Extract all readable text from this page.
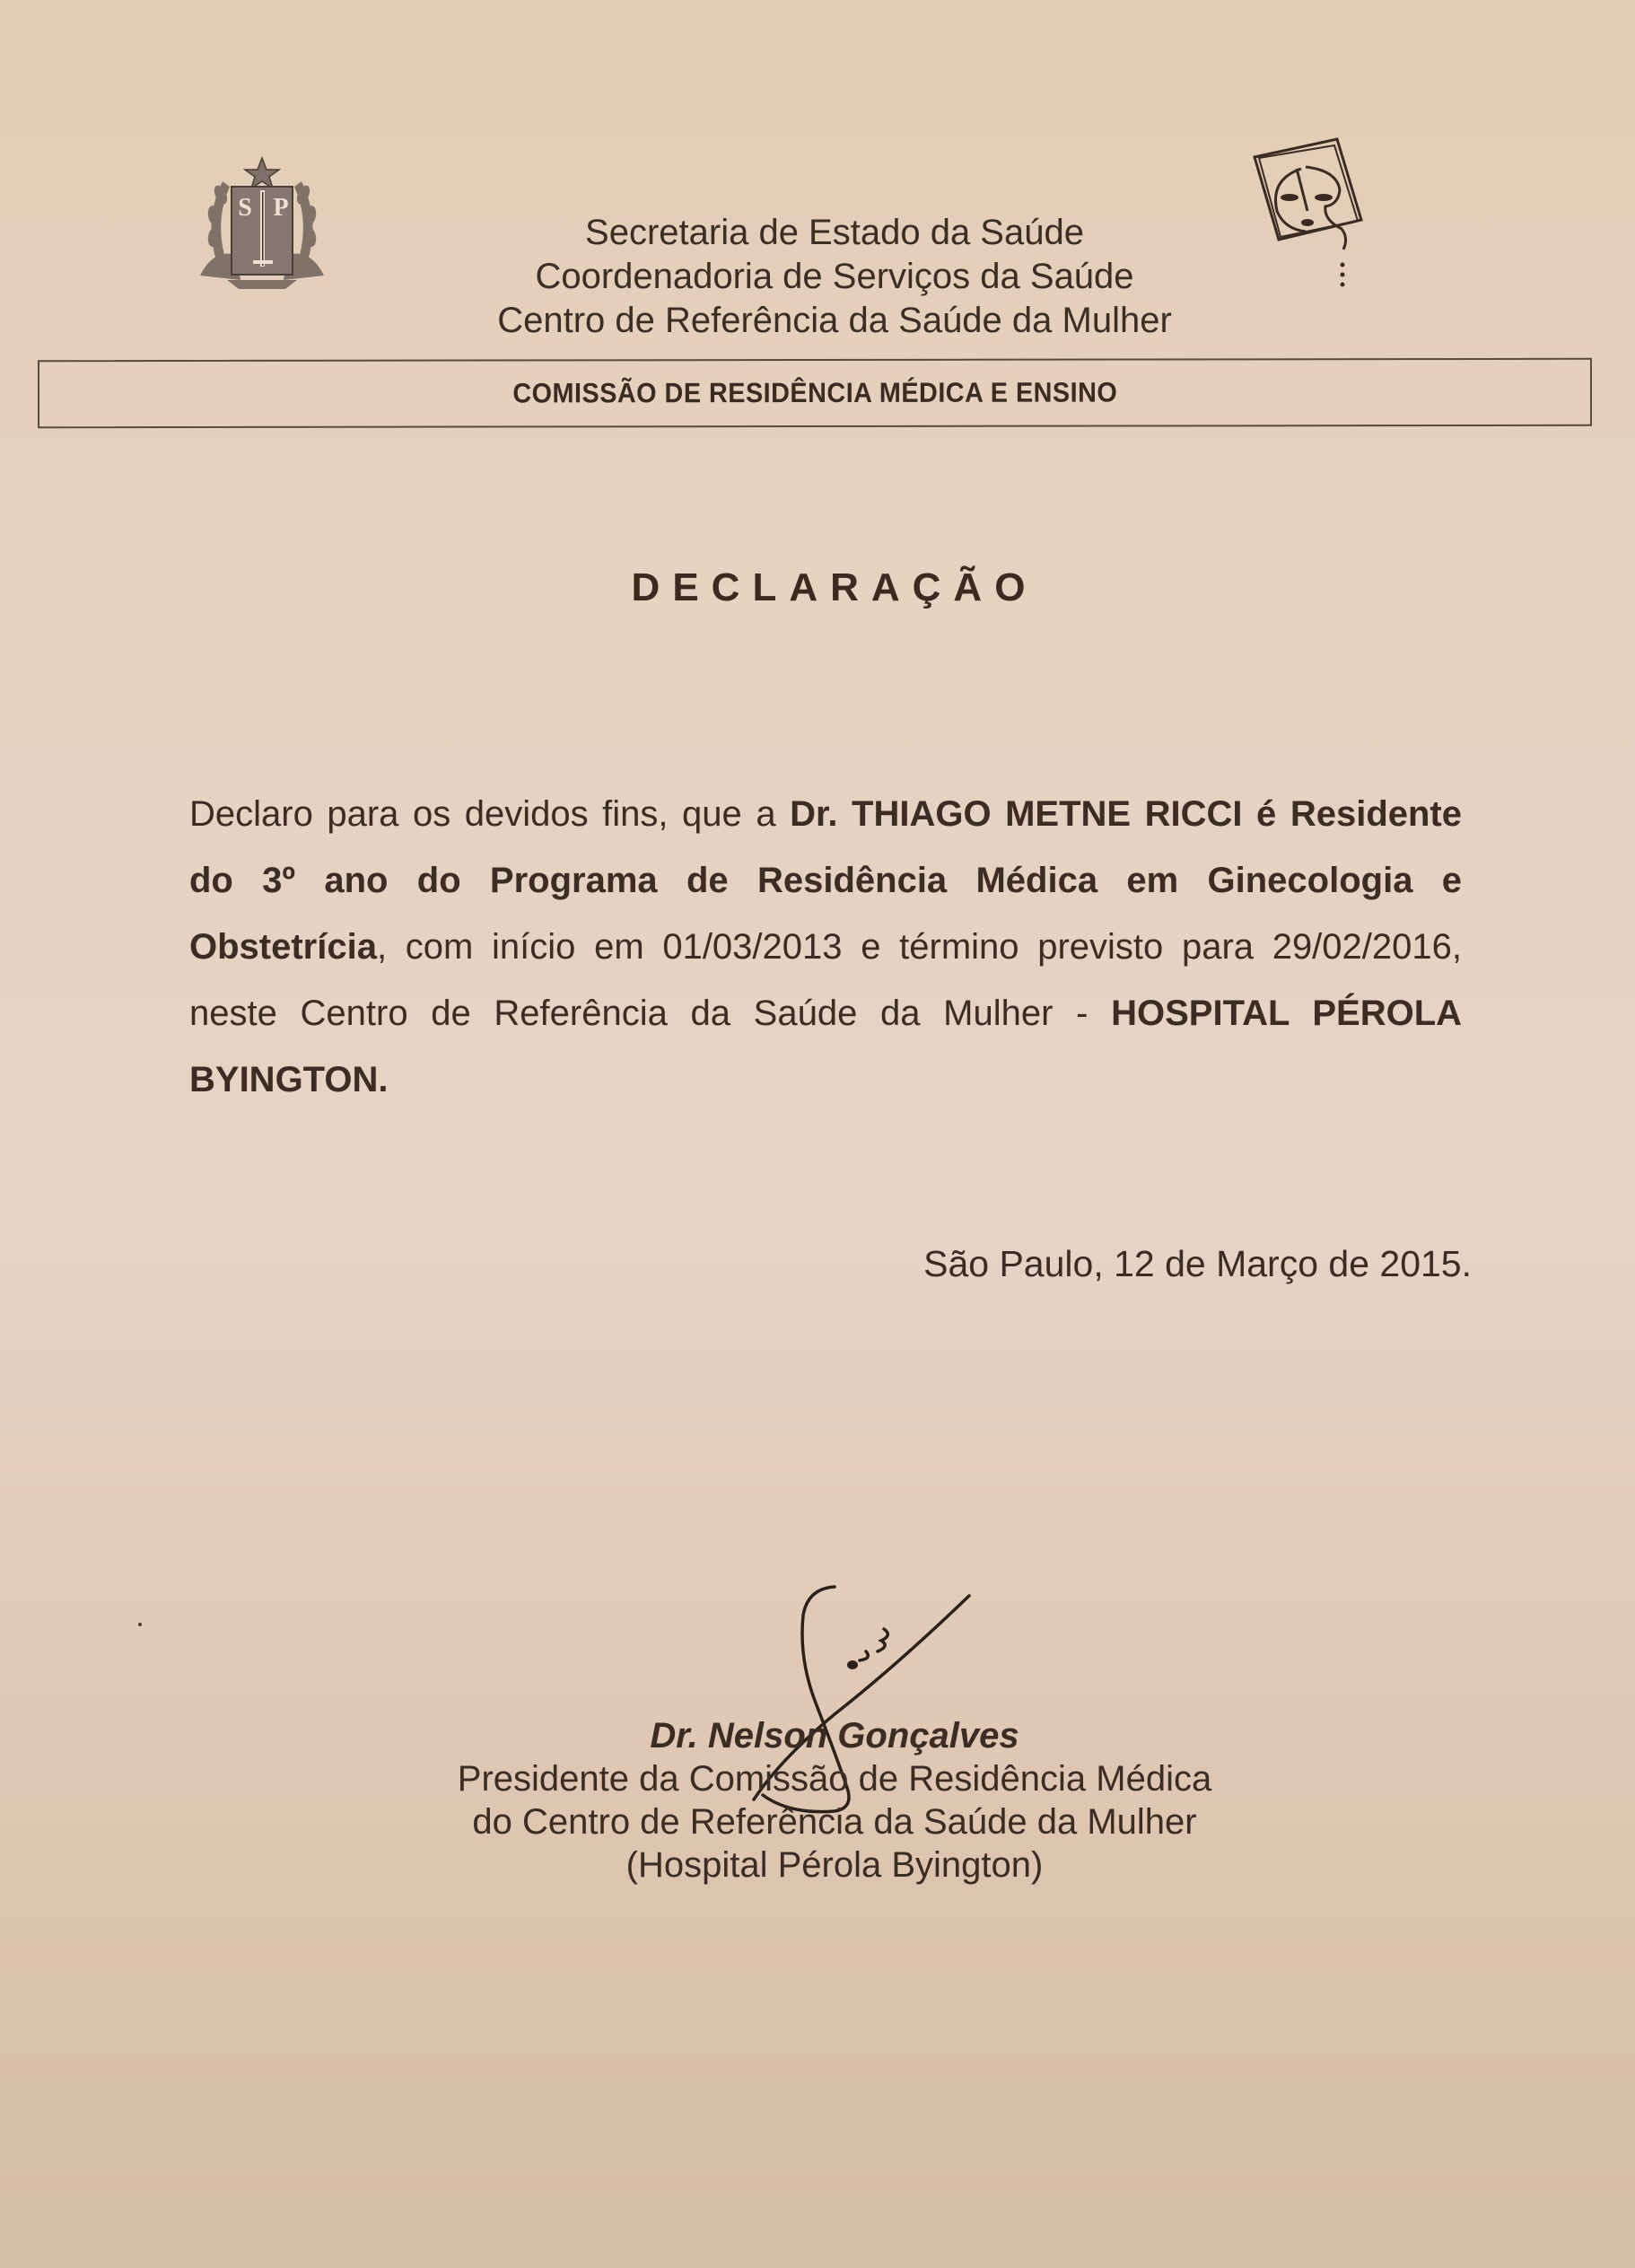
S P
Secretaria de Estado da Saúde
Coordenadoria de Serviços da Saúde
Centro de Referência da Saúde da Mulher
COMISSÃO DE RESIDÊNCIA MÉDICA E ENSINO
DECLARAÇÃO
Declaro para os devidos fins, que a Dr. THIAGO METNE RICCI é Residente do 3º ano do Programa de Residência Médica em Ginecologia e Obstetrícia, com início em 01/03/2013 e término previsto para 29/02/2016, neste Centro de Referência da Saúde da Mulher - HOSPITAL PÉROLA BYINGTON.
São Paulo, 12 de Março de 2015.
Dr. Nelson Gonçalves
Presidente da Comissão de Residência Médica
do Centro de Referência da Saúde da Mulher
(Hospital Pérola Byington)
